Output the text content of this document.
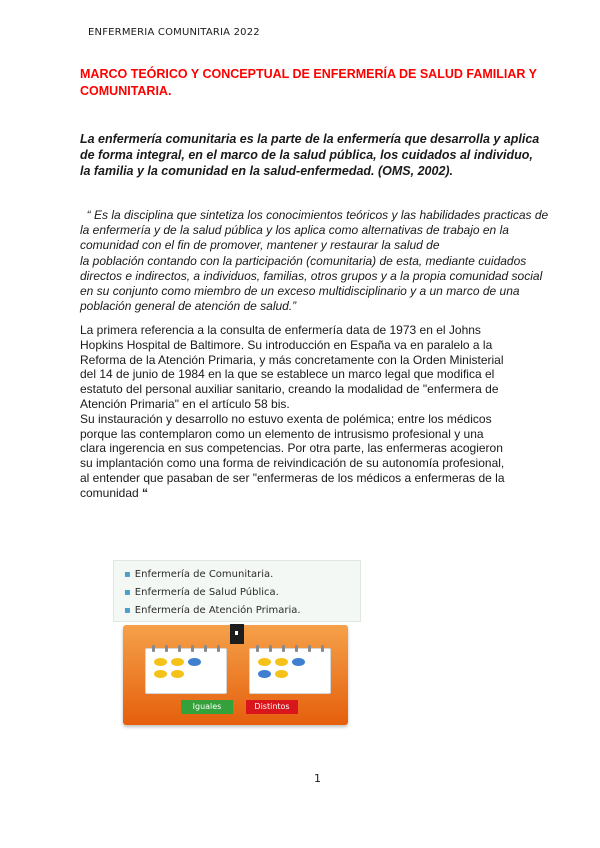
ENFERMERIA COMUNITARIA 2022
MARCO TEÓRICO Y CONCEPTUAL DE ENFERMERÍA DE SALUD FAMILIAR Y COMUNITARIA.
La enfermería comunitaria es la parte de la enfermería que desarrolla y aplica de forma integral, en el marco de la salud pública, los cuidados al individuo, la familia y la comunidad en la salud-enfermedad. (OMS, 2002).

“ Es la disciplina que sintetiza los conocimientos teóricos y las habilidades practicas de

la enfermería y de la salud pública y los aplica como alternativas de trabajo en la

comunidad con el fin de promover, mantener y restaurar la salud de

la población contando con la participación (comunitaria) de esta, mediante cuidados

directos e indirectos, a individuos, familias, otros grupos y a la propia comunidad social

en su conjunto como miembro de un exceso multidisciplinario y a un marco de una

población general de atención de salud.”

La primera referencia a la consulta de enfermería data de 1973 en el Johns

Hopkins Hospital de Baltimore. Su introducción en España va en paralelo a la

Reforma de la Atención Primaria, y más concretamente con la Orden Ministerial

del 14 de junio de 1984 en la que se establece un marco legal que modifica el

estatuto del personal auxiliar sanitario, creando la modalidad de "enfermera de

Atención Primaria" en el artículo 58 bis.

Su instauración y desarrollo no estuvo exenta de polémica; entre los médicos

porque las contemplaron como un elemento de intrusismo profesional y una

clara ingerencia en sus competencias. Por otra parte, las enfermeras acogieron

su implantación como una forma de reivindicación de su autonomía profesional,

al entender que pasaban de ser "enfermeras de los médicos a enfermeras de la

comunidad “

▪ Enfermería de Comunitaria.
▪ Enfermería de Salud Pública.
▪ Enfermería de Atención Primaria.
Iguales	Distintos
1
